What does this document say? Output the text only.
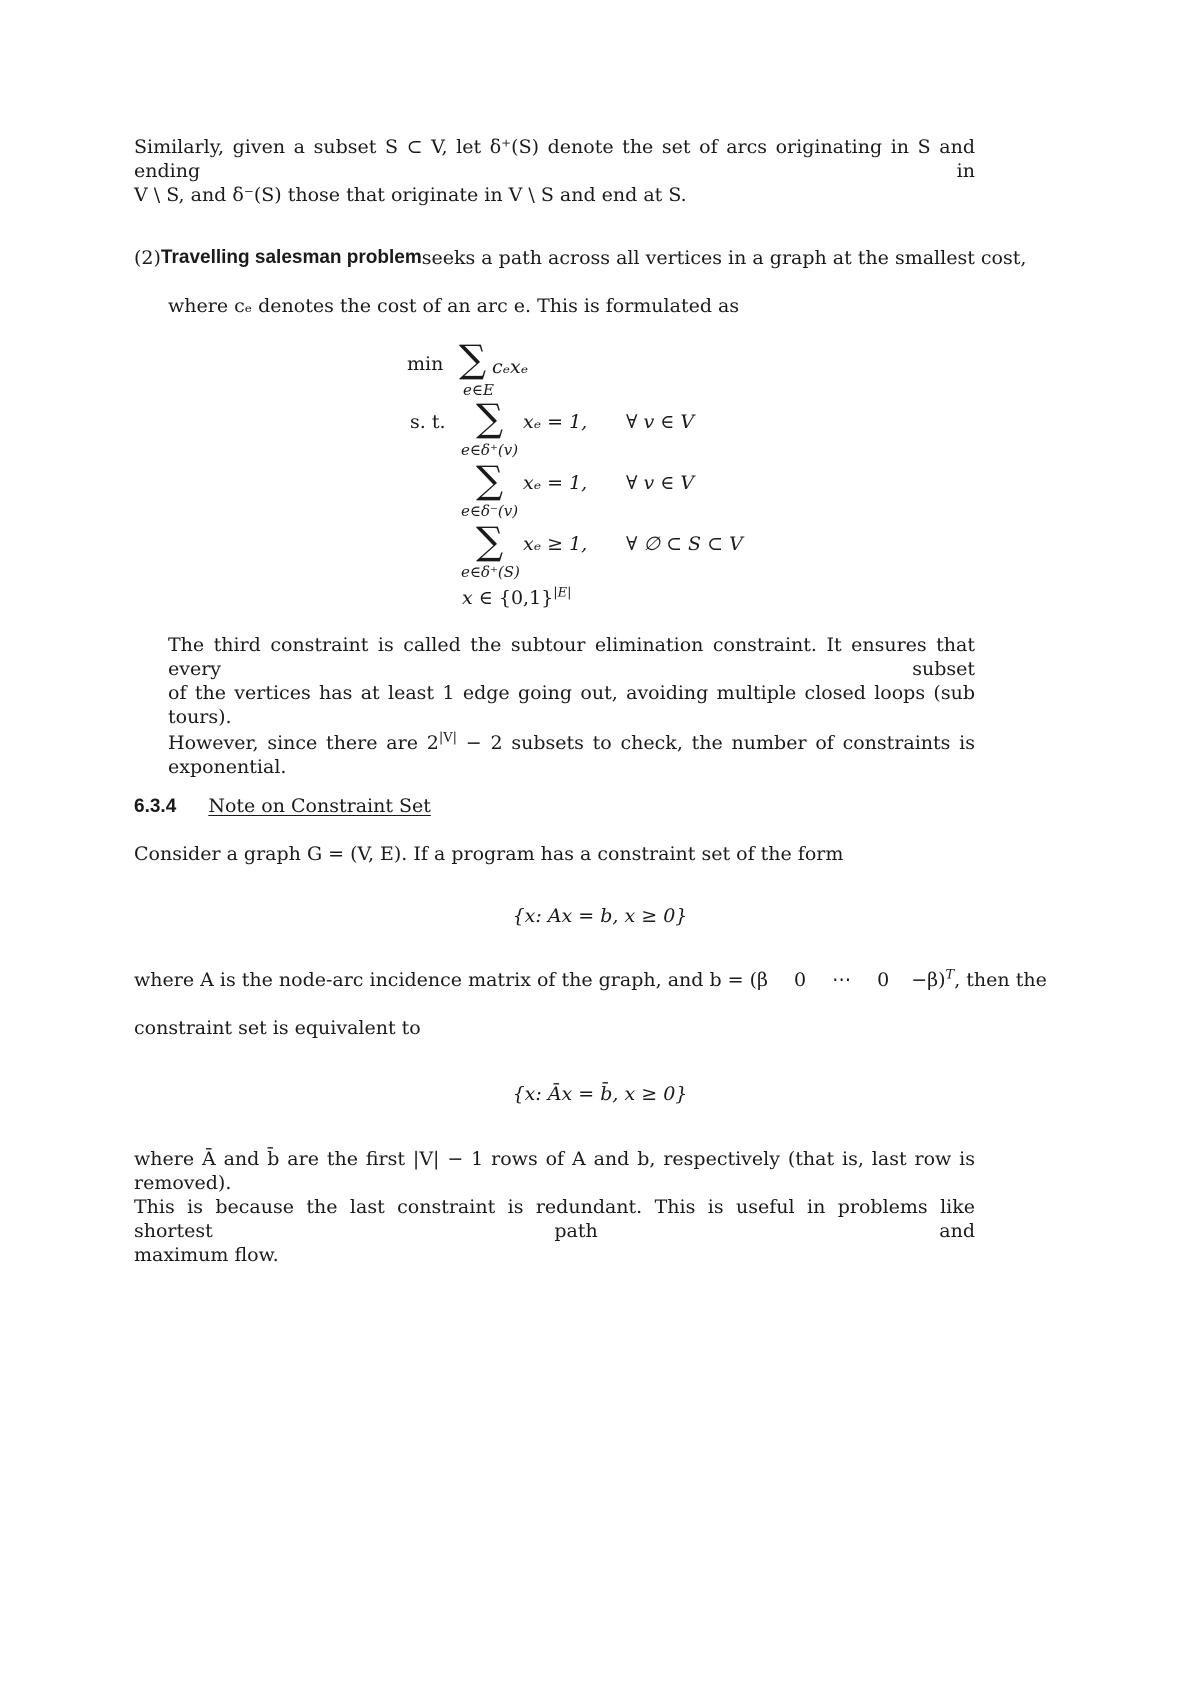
Similarly, given a subset S ⊂ V, let δ⁺(S) denote the set of arcs originating in S and ending in
V \ S, and δ⁻(S) those that originate in V \ S and end at S.
(2) Travelling salesman problem seeks a path across all vertices in a graph at the smallest cost,
where cₑ denotes the cost of an arc e. This is formulated as
min ∑ cₑxₑ
e∈E
s. t. ∑
e∈δ⁺(v)
xₑ = 1, ∀ v ∈ V
∑
e∈δ⁻(v)
xₑ = 1, ∀ v ∈ V
∑
e∈δ⁺(S)
xₑ ≥ 1, ∀ ∅ ⊂ S ⊂ V
x ∈ $\{0,1\}^{|E|}$
The third constraint is called the subtour elimination constraint. It ensures that every subset
of the vertices has at least 1 edge going out, avoiding multiple closed loops (sub tours).
However, since there are $2^{|V|} - 2$ subsets to check, the number of constraints is exponential.
6.3.4 Note on Constraint Set
Consider a graph G = (V, E). If a program has a constraint set of the form
{x: Ax = b, x ≥ 0}
where A is the node-arc incidence matrix of the graph, and b = (β 0 ⋯ 0 −β)$^T$, then the
constraint set is equivalent to
{x: Āx = b̄, x ≥ 0}
where Ā and b̄ are the first |V| − 1 rows of A and b, respectively (that is, last row is removed).
This is because the last constraint is redundant. This is useful in problems like shortest path and
maximum flow.
